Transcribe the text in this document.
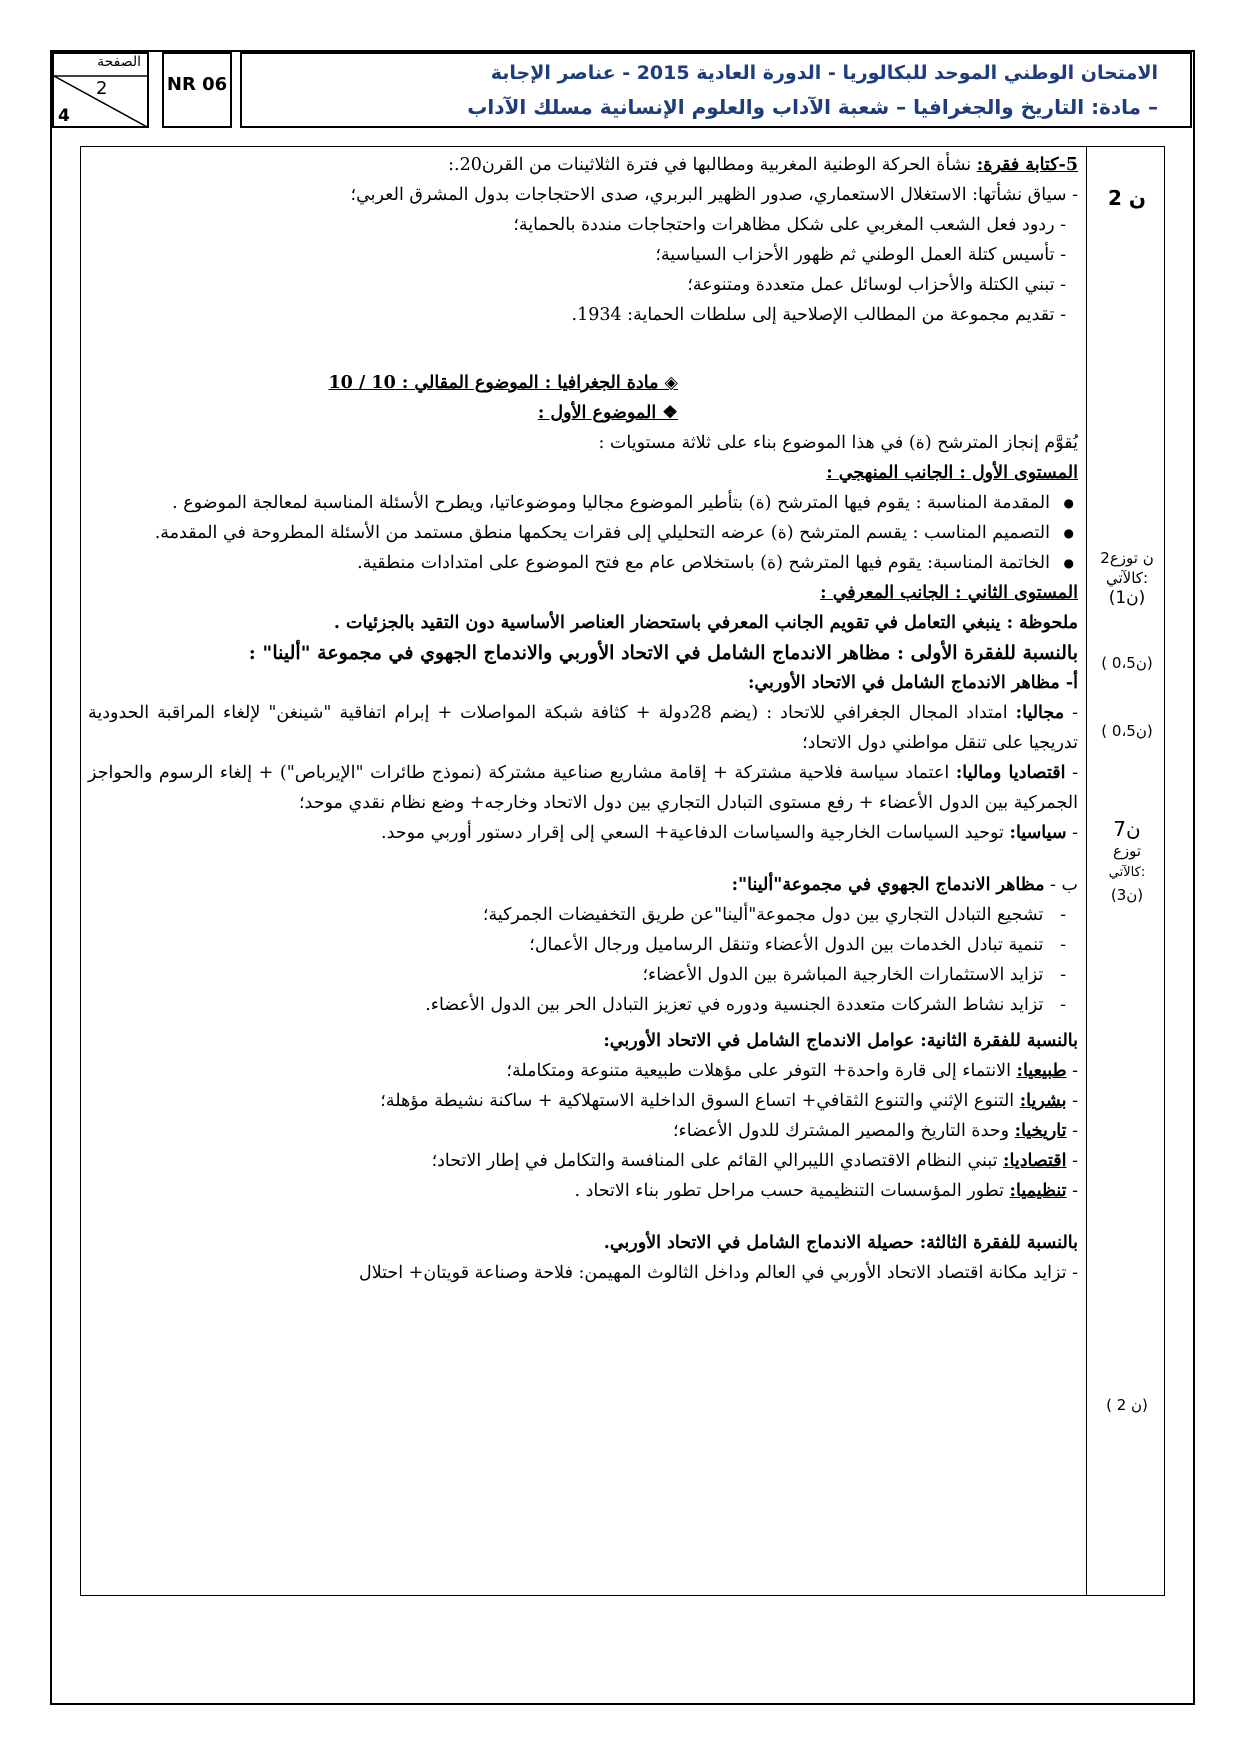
الصفحة
2
4
NR 06
الامتحان الوطني الموحد للبكالوريا - الدورة العادية 2015 - عناصر الإجابة
– مادة: التاريخ والجغرافيا – شعبة الآداب والعلوم الإنسانية مسلك الآداب
2 ن
2ن توزع
كالآتي:
(1ن)
( 0،5ن)
( 0،5ن)
7ن
توزع
كالآتي:
(3ن)
( 2 ن)

5-كتابة فقرة: نشأة الحركة الوطنية المغربية ومطالبها في فترة الثلاثينات من القرن20.:

- سياق نشأتها: الاستغلال الاستعماري، صدور الظهير البربري، صدى الاحتجاجات بدول المشرق العربي؛

- ردود فعل الشعب المغربي على شكل مظاهرات واحتجاجات منددة بالحماية؛

- تأسيس كتلة العمل الوطني ثم ظهور الأحزاب السياسية؛

- تبني الكتلة والأحزاب لوسائل عمل متعددة ومتنوعة؛

- تقديم مجموعة من المطالب الإصلاحية إلى سلطات الحماية: 1934.

◈ مادة الجغرافيا : الموضوع المقالي : 10 / 10

❖ الموضوع الأول :

يُقوَّم إنجاز المترشح (ة) في هذا الموضوع بناء على ثلاثة مستويات :

المستوى الأول : الجانب المنهجي :

● المقدمة المناسبة : يقوم فيها المترشح (ة) بتأطير الموضوع مجاليا وموضوعاتيا، ويطرح الأسئلة المناسبة لمعالجة الموضوع .

● التصميم المناسب : يقسم المترشح (ة) عرضه التحليلي إلى فقرات يحكمها منطق مستمد من الأسئلة المطروحة في المقدمة.

● الخاتمة المناسبة: يقوم فيها المترشح (ة) باستخلاص عام مع فتح الموضوع على امتدادات منطقية.

المستوى الثاني : الجانب المعرفي :

ملحوظة : ينبغي التعامل في تقويم الجانب المعرفي باستحضار العناصر الأساسية دون التقيد بالجزئيات .

بالنسبة للفقرة الأولى : مظاهر الاندماج الشامل في الاتحاد الأوربي والاندماج الجهوي في مجموعة "ألينا" :

أ- مظاهر الاندماج الشامل في الاتحاد الأوربي:

- مجاليا: امتداد المجال الجغرافي للاتحاد : (يضم 28دولة + كثافة شبكة المواصلات + إبرام اتفاقية "شينغن" لإلغاء المراقبة الحدودية تدريجيا على تنقل مواطني دول الاتحاد؛

- اقتصاديا وماليا: اعتماد سياسة فلاحية مشتركة + إقامة مشاريع صناعية مشتركة (نموذج طائرات "الإيرباص") + إلغاء الرسوم والحواجز الجمركية بين الدول الأعضاء + رفع مستوى التبادل التجاري بين دول الاتحاد وخارجه+ وضع نظام نقدي موحد؛

- سياسيا: توحيد السياسات الخارجية والسياسات الدفاعية+ السعي إلى إقرار دستور أوربي موحد.

ب - مظاهر الاندماج الجهوي في مجموعة"ألينا":

-   تشجيع التبادل التجاري بين دول مجموعة"ألينا"عن طريق التخفيضات الجمركية؛

-   تنمية تبادل الخدمات بين الدول الأعضاء وتنقل الرساميل ورجال الأعمال؛

-   تزايد الاستثمارات الخارجية المباشرة بين الدول الأعضاء؛

-   تزايد نشاط الشركات متعددة الجنسية ودوره في تعزيز التبادل الحر بين الدول الأعضاء.

بالنسبة للفقرة الثانية: عوامل الاندماج الشامل في الاتحاد الأوربي:

- طبيعيا: الانتماء إلى قارة واحدة+ التوفر على مؤهلات طبيعية متنوعة ومتكاملة؛

- بشريا: التنوع الإثني والتنوع الثقافي+ اتساع السوق الداخلية الاستهلاكية + ساكنة نشيطة مؤهلة؛

- تاريخيا: وحدة التاريخ والمصير المشترك للدول الأعضاء؛

- اقتصاديا: تبني النظام الاقتصادي الليبرالي القائم على المنافسة والتكامل في إطار الاتحاد؛

- تنظيميا: تطور المؤسسات التنظيمية حسب مراحل تطور بناء الاتحاد .

بالنسبة للفقرة الثالثة: حصيلة الاندماج الشامل في الاتحاد الأوربي.

- تزايد مكانة اقتصاد الاتحاد الأوربي في العالم وداخل الثالوث المهيمن: فلاحة وصناعة قويتان+ احتلال
